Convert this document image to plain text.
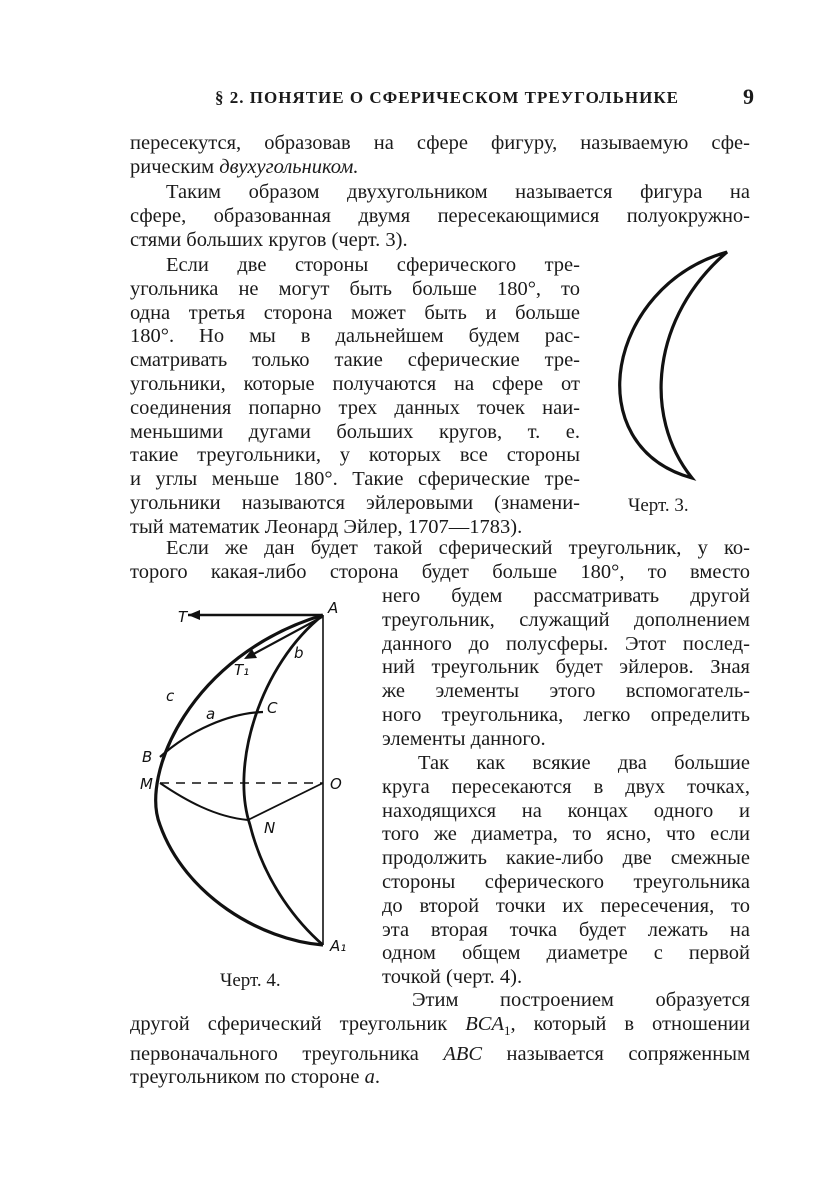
§ 2. ПОНЯТИЕ О СФЕРИЧЕСКОМ ТРЕУГОЛЬНИКЕ	9
пересекутся, образовав на сфере фигуру, называемую сфе-
рическим двухугольником.
Таким образом двухугольником называется фигура на
сфере, образованная двумя пересекающимися полуокружно-
стями больших кругов (черт. 3).
Если две стороны сферического тре-
угольника не могут быть больше 180°, то
одна третья сторона может быть и больше
180°. Но мы в дальнейшем будем рас-
сматривать только такие сферические тре-
угольники, которые получаются на сфере от
соединения попарно трех данных точек наи-
меньшими дугами больших кругов, т. е.
такие треугольники, у которых все стороны
и углы меньше 180°. Такие сферические тре-
угольники называются эйлеровыми (знамени-
тый математик Леонард Эйлер, 1707—1783).
Черт. 3.
Если же дан будет такой сферический треугольник, у ко-
торого какая-либо сторона будет больше 180°, то вместо
него будем рассматривать другой
треугольник, служащий дополнением
данного до полусферы. Этот послед-
ний треугольник будет эйлеров. Зная
же элементы этого вспомогатель-
ного треугольника, легко определить
элементы данного.
Так как всякие два большие
круга пересекаются в двух точках,
находящихся на концах одного и
того же диаметра, то ясно, что если
продолжить какие-либо две смежные
стороны сферического треугольника
до второй точки их пересечения, то
эта вторая точка будет лежать на
одном общем диаметре с первой
точкой (черт. 4).
T	A
T₁
b
c
a	C
B
M	O
N
A₁
Черт. 4.
Этим построением образуется
другой сферический треугольник $BCA_1$, который в отношении
первоначального треугольника ABC называется сопряженным
треугольником по стороне a.
